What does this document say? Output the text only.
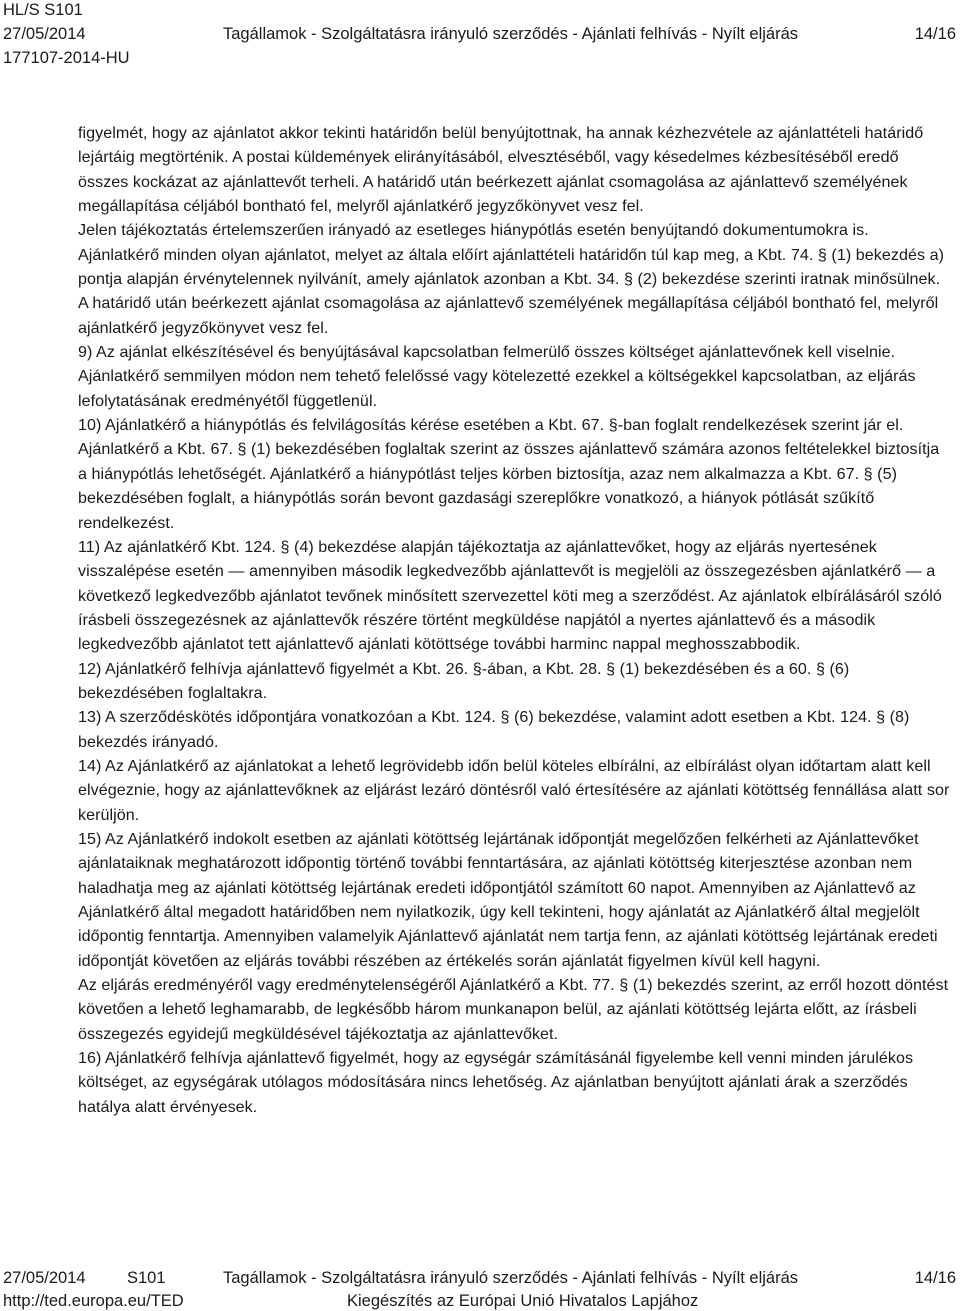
HL/S S101
27/05/2014	Tagállamok - Szolgáltatásra irányuló szerződés - Ajánlati felhívás - Nyílt eljárás	14/16
177107-2014-HU

figyelmét, hogy az ajánlatot akkor tekinti határidőn belül benyújtottnak, ha annak kézhezvétele az ajánlattételi határidő lejártáig megtörténik. A postai küldemények elirányításából, elvesztéséből, vagy késedelmes kézbesítéséből eredő összes kockázat az ajánlattevőt terheli. A határidő után beérkezett ajánlat csomagolása az ajánlattevő személyének megállapítása céljából bontható fel, melyről ajánlatkérő jegyzőkönyvet vesz fel.

Jelen tájékoztatás értelemszerűen irányadó az esetleges hiánypótlás esetén benyújtandó dokumentumokra is.

Ajánlatkérő minden olyan ajánlatot, melyet az általa előírt ajánlattételi határidőn túl kap meg, a Kbt. 74. § (1) bekezdés a) pontja alapján érvénytelennek nyilvánít, amely ajánlatok azonban a Kbt. 34. § (2) bekezdése szerinti iratnak minősülnek. A határidő után beérkezett ajánlat csomagolása az ajánlattevő személyének megállapítása céljából bontható fel, melyről ajánlatkérő jegyzőkönyvet vesz fel.

9) Az ajánlat elkészítésével és benyújtásával kapcsolatban felmerülő összes költséget ajánlattevőnek kell viselnie. Ajánlatkérő semmilyen módon nem tehető felelőssé vagy kötelezetté ezekkel a költségekkel kapcsolatban, az eljárás lefolytatásának eredményétől függetlenül.

10) Ajánlatkérő a hiánypótlás és felvilágosítás kérése esetében a Kbt. 67. §-ban foglalt rendelkezések szerint jár el. Ajánlatkérő a Kbt. 67. § (1) bekezdésében foglaltak szerint az összes ajánlattevő számára azonos feltételekkel biztosítja a hiánypótlás lehetőségét. Ajánlatkérő a hiánypótlást teljes körben biztosítja, azaz nem alkalmazza a Kbt. 67. § (5) bekezdésében foglalt, a hiánypótlás során bevont gazdasági szereplőkre vonatkozó, a hiányok pótlását szűkítő rendelkezést.

11) Az ajánlatkérő Kbt. 124. § (4) bekezdése alapján tájékoztatja az ajánlattevőket, hogy az eljárás nyertesének visszalépése esetén — amennyiben második legkedvezőbb ajánlattevőt is megjelöli az összegezésben ajánlatkérő — a következő legkedvezőbb ajánlatot tevőnek minősített szervezettel köti meg a szerződést. Az ajánlatok elbírálásáról szóló írásbeli összegezésnek az ajánlattevők részére történt megküldése napjától a nyertes ajánlattevő és a második legkedvezőbb ajánlatot tett ajánlattevő ajánlati kötöttsége további harminc nappal meghosszabbodik.

12) Ajánlatkérő felhívja ajánlattevő figyelmét a Kbt. 26. §-ában, a Kbt. 28. § (1) bekezdésében és a 60. § (6) bekezdésében foglaltakra.

13) A szerződéskötés időpontjára vonatkozóan a Kbt. 124. § (6) bekezdése, valamint adott esetben a Kbt. 124. § (8) bekezdés irányadó.

14) Az Ajánlatkérő az ajánlatokat a lehető legrövidebb időn belül köteles elbírálni, az elbírálást olyan időtartam alatt kell elvégeznie, hogy az ajánlattevőknek az eljárást lezáró döntésről való értesítésére az ajánlati kötöttség fennállása alatt sor kerüljön.

15) Az Ajánlatkérő indokolt esetben az ajánlati kötöttség lejártának időpontját megelőzően felkérheti az Ajánlattevőket ajánlataiknak meghatározott időpontig történő további fenntartására, az ajánlati kötöttség kiterjesztése azonban nem haladhatja meg az ajánlati kötöttség lejártának eredeti időpontjától számított 60 napot. Amennyiben az Ajánlattevő az Ajánlatkérő által megadott határidőben nem nyilatkozik, úgy kell tekinteni, hogy ajánlatát az Ajánlatkérő által megjelölt időpontig fenntartja. Amennyiben valamelyik Ajánlattevő ajánlatát nem tartja fenn, az ajánlati kötöttség lejártának eredeti időpontját követően az eljárás további részében az értékelés során ajánlatát figyelmen kívül kell hagyni.

Az eljárás eredményéről vagy eredménytelenségéről Ajánlatkérő a Kbt. 77. § (1) bekezdés szerint, az erről hozott döntést követően a lehető leghamarabb, de legkésőbb három munkanapon belül, az ajánlati kötöttség lejárta előtt, az írásbeli összegezés egyidejű megküldésével tájékoztatja az ajánlattevőket.

16) Ajánlatkérő felhívja ajánlattevő figyelmét, hogy az egységár számításánál figyelembe kell venni minden járulékos költséget, az egységárak utólagos módosítására nincs lehetőség. Az ajánlatban benyújtott ajánlati árak a szerződés hatálya alatt érvényesek.

27/05/2014	S101	Tagállamok - Szolgáltatásra irányuló szerződés - Ajánlati felhívás - Nyílt eljárás	14/16
http://ted.europa.eu/TED	Kiegészítés az Európai Unió Hivatalos Lapjához
